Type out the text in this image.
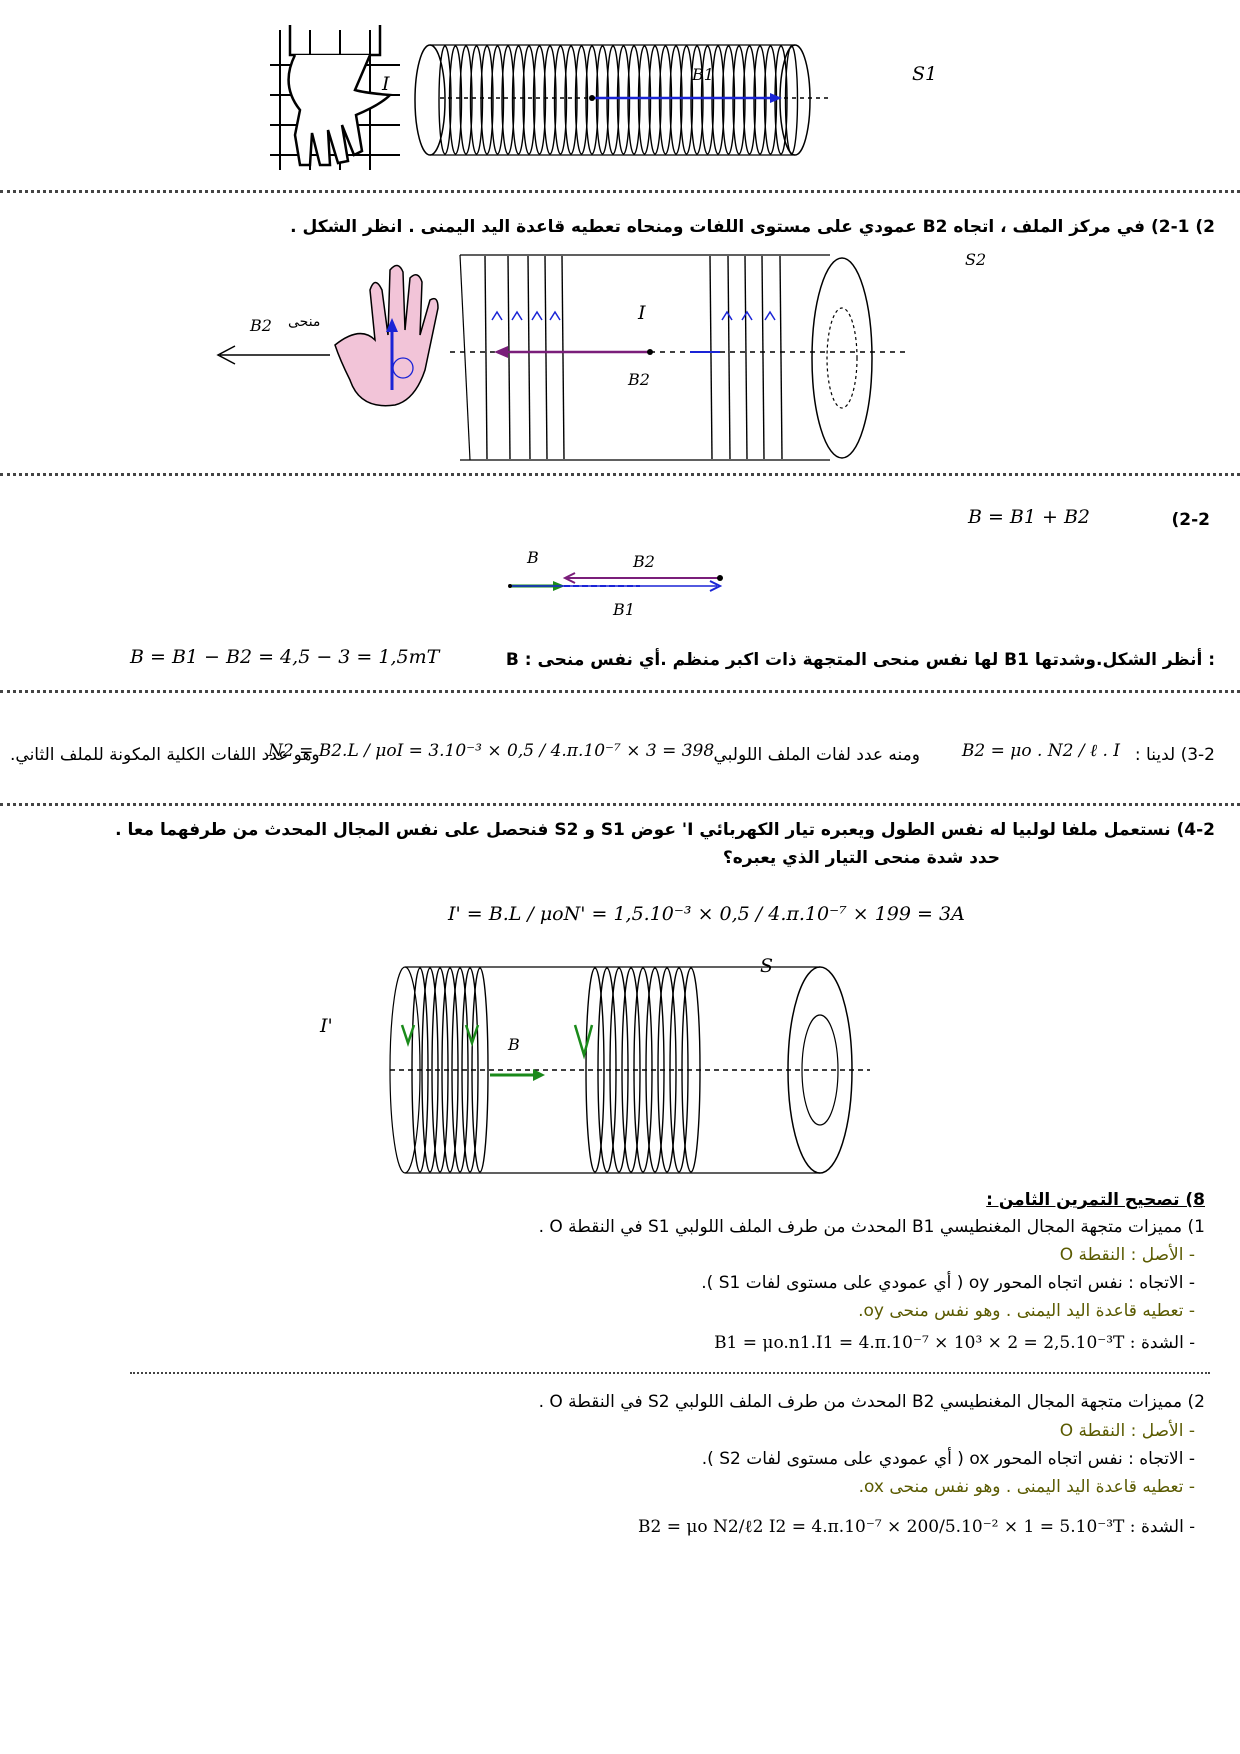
I	B1	S1
2) 2-1) في مركز الملف ، اتجاه B2 عمودي على مستوى اللفات ومنحاه تعطيه قاعدة اليد اليمنى . انظر الشكل .
B2 منحى	I
B2
S2
(2-2
B = B1 + B2
B	B2
B1
B : لها نفس منحى المتجهة ذات اكبر منظم .أي نفس منحى B1 أنظر الشكل.وشدتها :
B = B1 − B2 = 4,5 − 3 = 1,5mT
3-2) لدينا :
B2 = μo . N2 / ℓ . I
ومنه عدد لفات الملف اللولبي
N2 = B2.L / μoI = 3.10⁻³ × 0,5 / 4.π.10⁻⁷ × 3 = 398
وهو عدد اللفات الكلية المكونة للملف الثاني.
4-2) نستعمل ملفا لولبيا له نفس الطول ويعبره تيار الكهربائي I' عوض S1 و S2 فنحصل على نفس المجال المحدث من طرفهما معا .
حدد شدة منحى التيار الذي يعبره؟
I' = B.L / μoN' = 1,5.10⁻³ × 0,5 / 4.π.10⁻⁷ × 199 = 3A
I'
B
S
8) تصحيح التمرين الثامن :
1) مميزات متجهة المجال المغنطيسي B1 المحدث من طرف الملف اللولبي S1 في النقطة O .
- الأصل : النقطة O
- الاتجاه : نفس اتجاه المحور oy ( أي عمودي على مستوى لفات S1 ).
- تعطيه قاعدة اليد اليمنى . وهو نفس منحى oy.
- الشدة : B1 = μo.n1.I1 = 4.π.10⁻⁷ × 10³ × 2 = 2,5.10⁻³T
2) مميزات متجهة المجال المغنطيسي B2 المحدث من طرف الملف اللولبي S2 في النقطة O .
- الأصل : النقطة O
- الاتجاه : نفس اتجاه المحور ox ( أي عمودي على مستوى لفات S2 ).
- تعطيه قاعدة اليد اليمنى . وهو نفس منحى ox.
- الشدة : B2 = μo N2/ℓ2 I2 = 4.π.10⁻⁷ × 200/5.10⁻² × 1 = 5.10⁻³T
